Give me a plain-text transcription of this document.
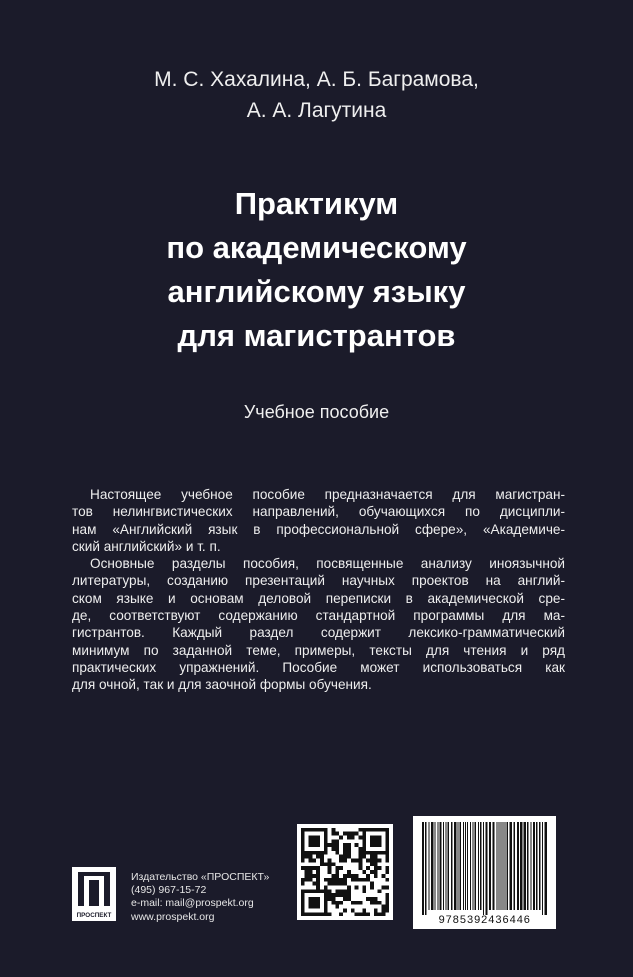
М. С. Хахалина, А. Б. Баграмова,
А. А. Лагутина
Практикум
по академическому
английскому языку
для магистрантов
Учебное пособие
Настоящее учебное пособие предназначается для магистран-
тов нелингвистических направлений, обучающихся по дисципли-
нам «Английский язык в профессиональной сфере», «Академиче-
ский английский» и т. п.
Основные разделы пособия, посвященные анализу иноязычной
литературы, созданию презентаций научных проектов на англий-
ском языке и основам деловой переписки в академической сре-
де, соответствуют содержанию стандартной программы для ма-
гистрантов. Каждый раздел содержит лексико-грамматический
минимум по заданной теме, примеры, тексты для чтения и ряд
практических упражнений. Пособие может использоваться как
для очной, так и для заочной формы обучения.
ПРОСПЕКТ
Издательство «ПРОСПЕКТ»
(495) 967-15-72
e-mail: mail@prospekt.org
www.prospekt.org	9785392436446
